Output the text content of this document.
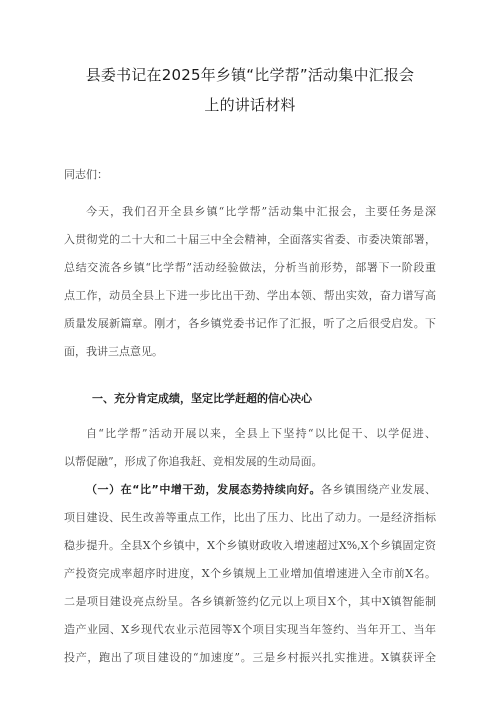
县委书记在2025年乡镇“比学帮”活动集中汇报会
上的讲话材料
同志们：
今天，我们召开全县乡镇“比学帮”活动集中汇报会，主要任务是深
入贯彻党的二十大和二十届三中全会精神，全面落实省委、市委决策部署，
总结交流各乡镇“比学帮”活动经验做法，分析当前形势，部署下一阶段重
点工作，动员全县上下进一步比出干劲、学出本领、帮出实效，奋力谱写高
质量发展新篇章。刚才，各乡镇党委书记作了汇报，听了之后很受启发。下
面，我讲三点意见。
一、充分肯定成绩，坚定比学赶超的信心决心
自“比学帮”活动开展以来，全县上下坚持“以比促干、以学促进、
以帮促融”，形成了你追我赶、竞相发展的生动局面。
（一）在“比”中增干劲，发展态势持续向好。各乡镇围绕产业发展、
项目建设、民生改善等重点工作，比出了压力、比出了动力。一是经济指标
稳步提升。全县X个乡镇中，X个乡镇财政收入增速超过X%,X个乡镇固定资
产投资完成率超序时进度，X个乡镇规上工业增加值增速进入全市前X名。
二是项目建设亮点纷呈。各乡镇新签约亿元以上项目X个，其中X镇智能制
造产业园、X乡现代农业示范园等X个项目实现当年签约、当年开工、当年
投产，跑出了项目建设的“加速度”。三是乡村振兴扎实推进。X镇获评全
